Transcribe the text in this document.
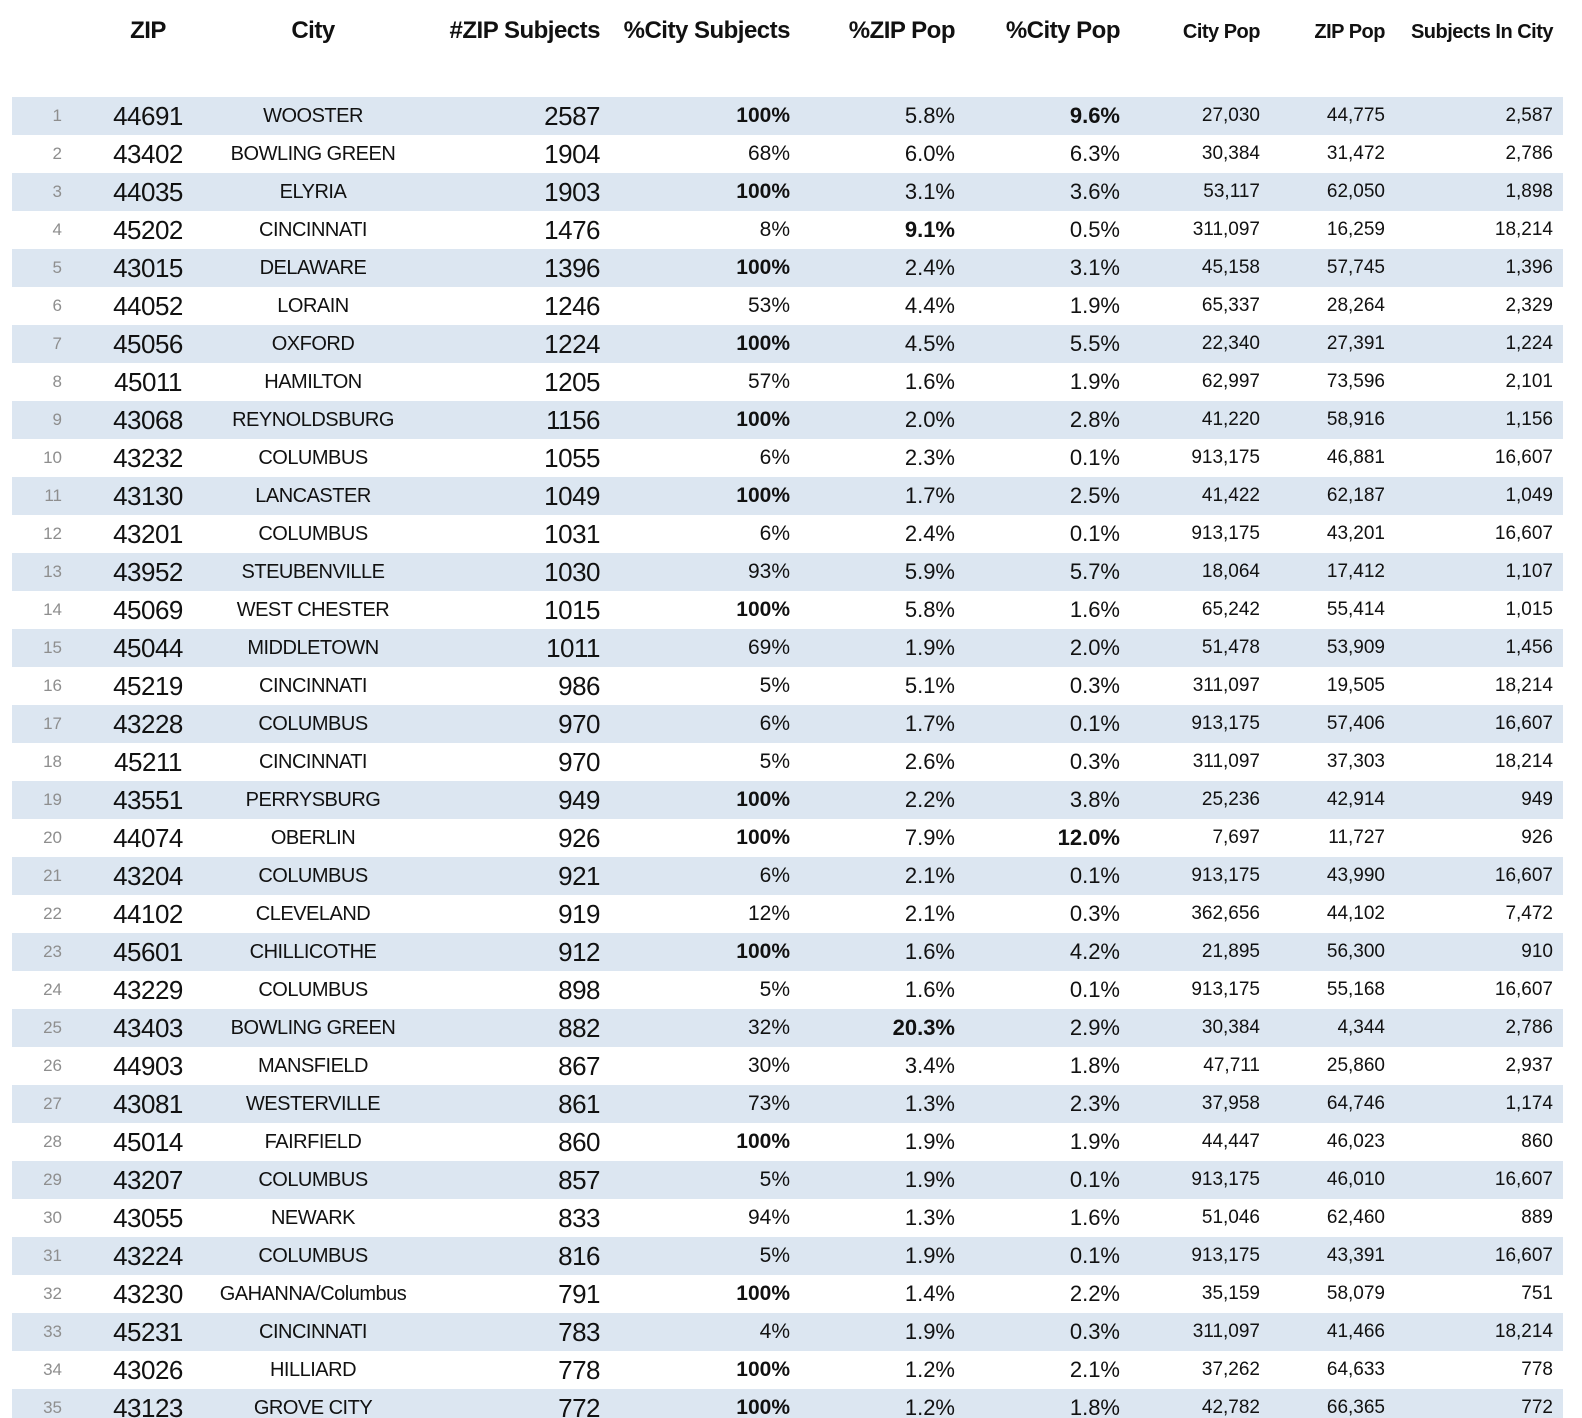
	ZIP	City	#ZIP Subjects	%City Subjects	%ZIP Pop	%City Pop	City Pop	ZIP Pop	Subjects In City
1	44691	WOOSTER	2587	100%	5.8%	9.6%	27,030	44,775	2,587
2	43402	BOWLING GREEN	1904	68%	6.0%	6.3%	30,384	31,472	2,786
3	44035	ELYRIA	1903	100%	3.1%	3.6%	53,117	62,050	1,898
4	45202	CINCINNATI	1476	8%	9.1%	0.5%	311,097	16,259	18,214
5	43015	DELAWARE	1396	100%	2.4%	3.1%	45,158	57,745	1,396
6	44052	LORAIN	1246	53%	4.4%	1.9%	65,337	28,264	2,329
7	45056	OXFORD	1224	100%	4.5%	5.5%	22,340	27,391	1,224
8	45011	HAMILTON	1205	57%	1.6%	1.9%	62,997	73,596	2,101
9	43068	REYNOLDSBURG	1156	100%	2.0%	2.8%	41,220	58,916	1,156
10	43232	COLUMBUS	1055	6%	2.3%	0.1%	913,175	46,881	16,607
11	43130	LANCASTER	1049	100%	1.7%	2.5%	41,422	62,187	1,049
12	43201	COLUMBUS	1031	6%	2.4%	0.1%	913,175	43,201	16,607
13	43952	STEUBENVILLE	1030	93%	5.9%	5.7%	18,064	17,412	1,107
14	45069	WEST CHESTER	1015	100%	5.8%	1.6%	65,242	55,414	1,015
15	45044	MIDDLETOWN	1011	69%	1.9%	2.0%	51,478	53,909	1,456
16	45219	CINCINNATI	986	5%	5.1%	0.3%	311,097	19,505	18,214
17	43228	COLUMBUS	970	6%	1.7%	0.1%	913,175	57,406	16,607
18	45211	CINCINNATI	970	5%	2.6%	0.3%	311,097	37,303	18,214
19	43551	PERRYSBURG	949	100%	2.2%	3.8%	25,236	42,914	949
20	44074	OBERLIN	926	100%	7.9%	12.0%	7,697	11,727	926
21	43204	COLUMBUS	921	6%	2.1%	0.1%	913,175	43,990	16,607
22	44102	CLEVELAND	919	12%	2.1%	0.3%	362,656	44,102	7,472
23	45601	CHILLICOTHE	912	100%	1.6%	4.2%	21,895	56,300	910
24	43229	COLUMBUS	898	5%	1.6%	0.1%	913,175	55,168	16,607
25	43403	BOWLING GREEN	882	32%	20.3%	2.9%	30,384	4,344	2,786
26	44903	MANSFIELD	867	30%	3.4%	1.8%	47,711	25,860	2,937
27	43081	WESTERVILLE	861	73%	1.3%	2.3%	37,958	64,746	1,174
28	45014	FAIRFIELD	860	100%	1.9%	1.9%	44,447	46,023	860
29	43207	COLUMBUS	857	5%	1.9%	0.1%	913,175	46,010	16,607
30	43055	NEWARK	833	94%	1.3%	1.6%	51,046	62,460	889
31	43224	COLUMBUS	816	5%	1.9%	0.1%	913,175	43,391	16,607
32	43230	GAHANNA/Columbus	791	100%	1.4%	2.2%	35,159	58,079	751
33	45231	CINCINNATI	783	4%	1.9%	0.3%	311,097	41,466	18,214
34	43026	HILLIARD	778	100%	1.2%	2.1%	37,262	64,633	778
35	43123	GROVE CITY	772	100%	1.2%	1.8%	42,782	66,365	772
